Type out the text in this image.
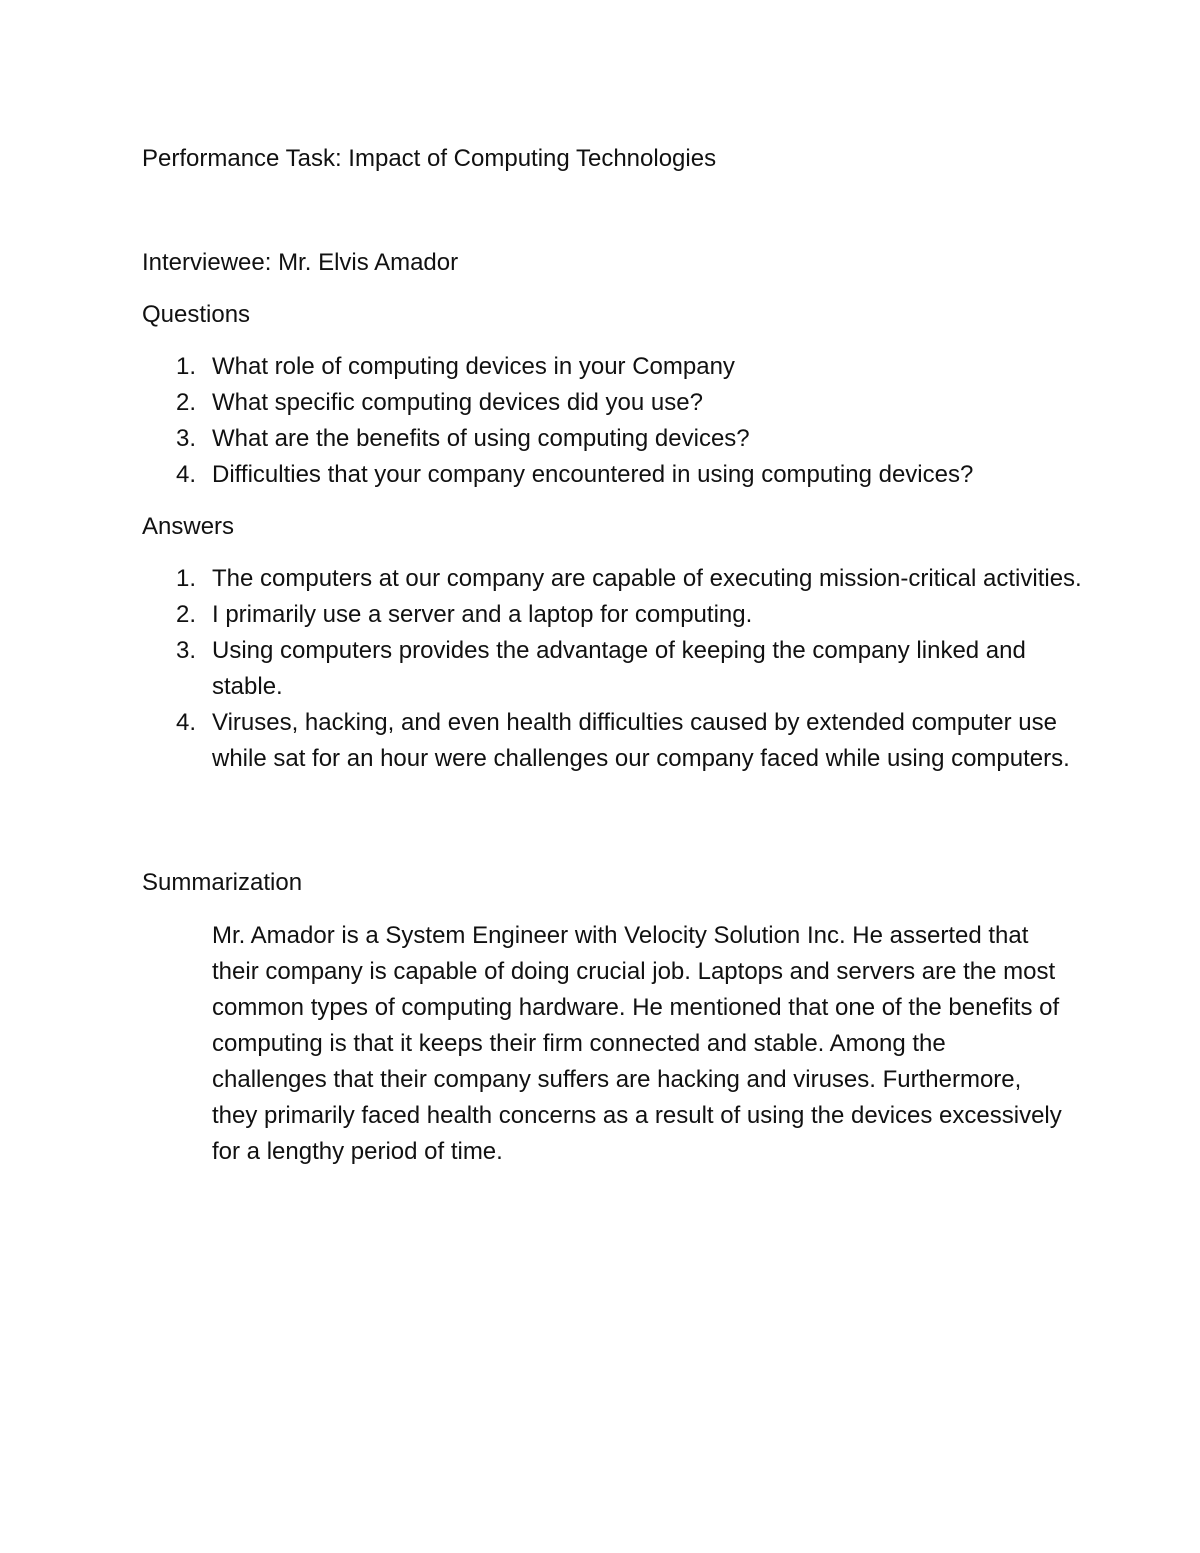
Performance Task: Impact of Computing Technologies
Interviewee: Mr. Elvis Amador
Questions
1. What role of computing devices in your Company
2. What specific computing devices did you use?
3. What are the benefits of using computing devices?
4. Difficulties that your company encountered in using computing devices?
Answers
1. The computers at our company are capable of executing mission-critical activities.
2. I primarily use a server and a laptop for computing.
3. Using computers provides the advantage of keeping the company linked and stable.
4. Viruses, hacking, and even health difficulties caused by extended computer use while sat for an hour were challenges our company faced while using computers.
Summarization

Mr. Amador is a System Engineer with Velocity Solution Inc. He asserted that their company is capable of doing crucial job. Laptops and servers are the most common types of computing hardware. He mentioned that one of the benefits of computing is that it keeps their firm connected and stable. Among the challenges that their company suffers are hacking and viruses. Furthermore, they primarily faced health concerns as a result of using the devices excessively for a lengthy period of time.
